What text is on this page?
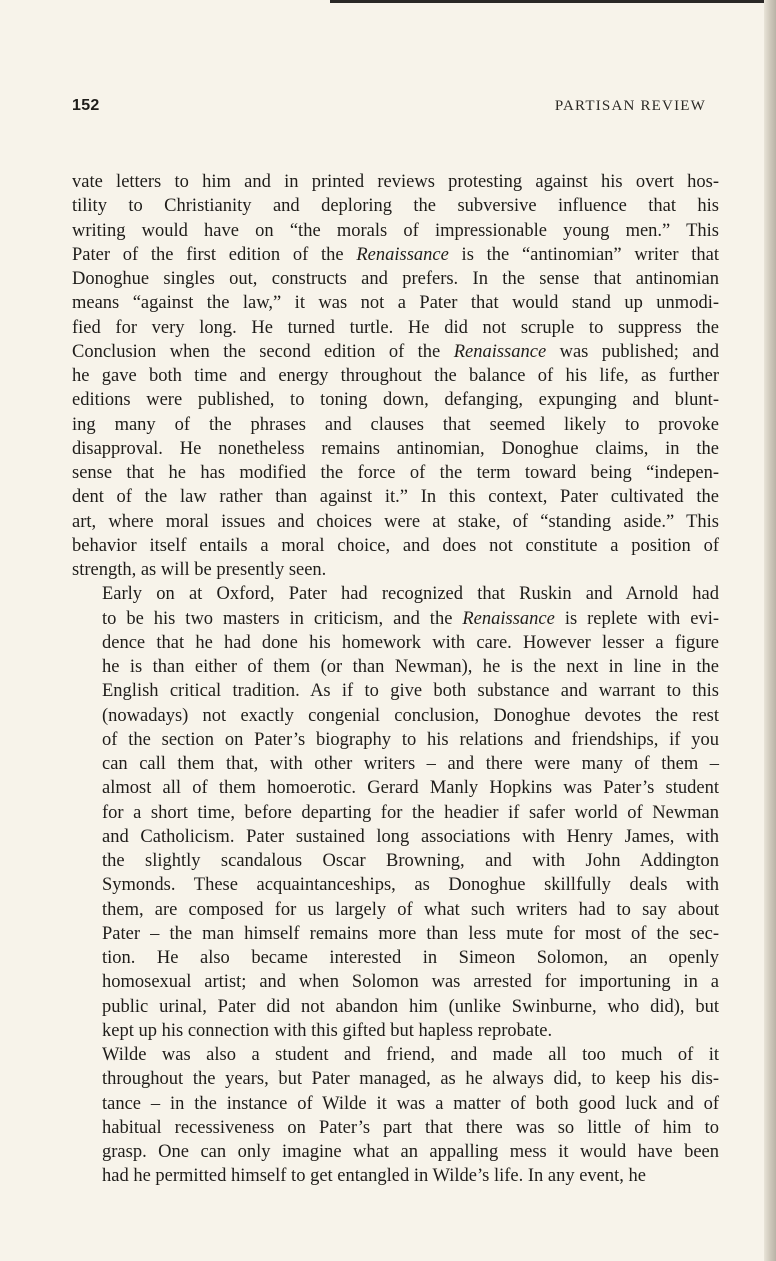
152	PARTISAN REVIEW

vate letters to him and in printed reviews protesting against his overt hos-
tility to Christianity and deploring the subversive influence that his
writing would have on “the morals of impressionable young men.” This
Pater of the first edition of the Renaissance is the “antinomian” writer that
Donoghue singles out, constructs and prefers. In the sense that antinomian
means “against the law,” it was not a Pater that would stand up unmodi-
fied for very long. He turned turtle. He did not scruple to suppress the
Conclusion when the second edition of the Renaissance was published; and
he gave both time and energy throughout the balance of his life, as further
editions were published, to toning down, defanging, expunging and blunt-
ing many of the phrases and clauses that seemed likely to provoke
disapproval. He nonetheless remains antinomian, Donoghue claims, in the
sense that he has modified the force of the term toward being “indepen-
dent of the law rather than against it.” In this context, Pater cultivated the
art, where moral issues and choices were at stake, of “standing aside.” This
behavior itself entails a moral choice, and does not constitute a position of
strength, as will be presently seen.

Early on at Oxford, Pater had recognized that Ruskin and Arnold had
to be his two masters in criticism, and the Renaissance is replete with evi-
dence that he had done his homework with care. However lesser a figure
he is than either of them (or than Newman), he is the next in line in the
English critical tradition. As if to give both substance and warrant to this
(nowadays) not exactly congenial conclusion, Donoghue devotes the rest
of the section on Pater’s biography to his relations and friendships, if you
can call them that, with other writers – and there were many of them –
almost all of them homoerotic. Gerard Manly Hopkins was Pater’s student
for a short time, before departing for the headier if safer world of Newman
and Catholicism. Pater sustained long associations with Henry James, with
the slightly scandalous Oscar Browning, and with John Addington
Symonds. These acquaintanceships, as Donoghue skillfully deals with
them, are composed for us largely of what such writers had to say about
Pater – the man himself remains more than less mute for most of the sec-
tion. He also became interested in Simeon Solomon, an openly
homosexual artist; and when Solomon was arrested for importuning in a
public urinal, Pater did not abandon him (unlike Swinburne, who did), but
kept up his connection with this gifted but hapless reprobate.

Wilde was also a student and friend, and made all too much of it
throughout the years, but Pater managed, as he always did, to keep his dis-
tance – in the instance of Wilde it was a matter of both good luck and of
habitual recessiveness on Pater’s part that there was so little of him to
grasp. One can only imagine what an appalling mess it would have been
had he permitted himself to get entangled in Wilde’s life. In any event, he
